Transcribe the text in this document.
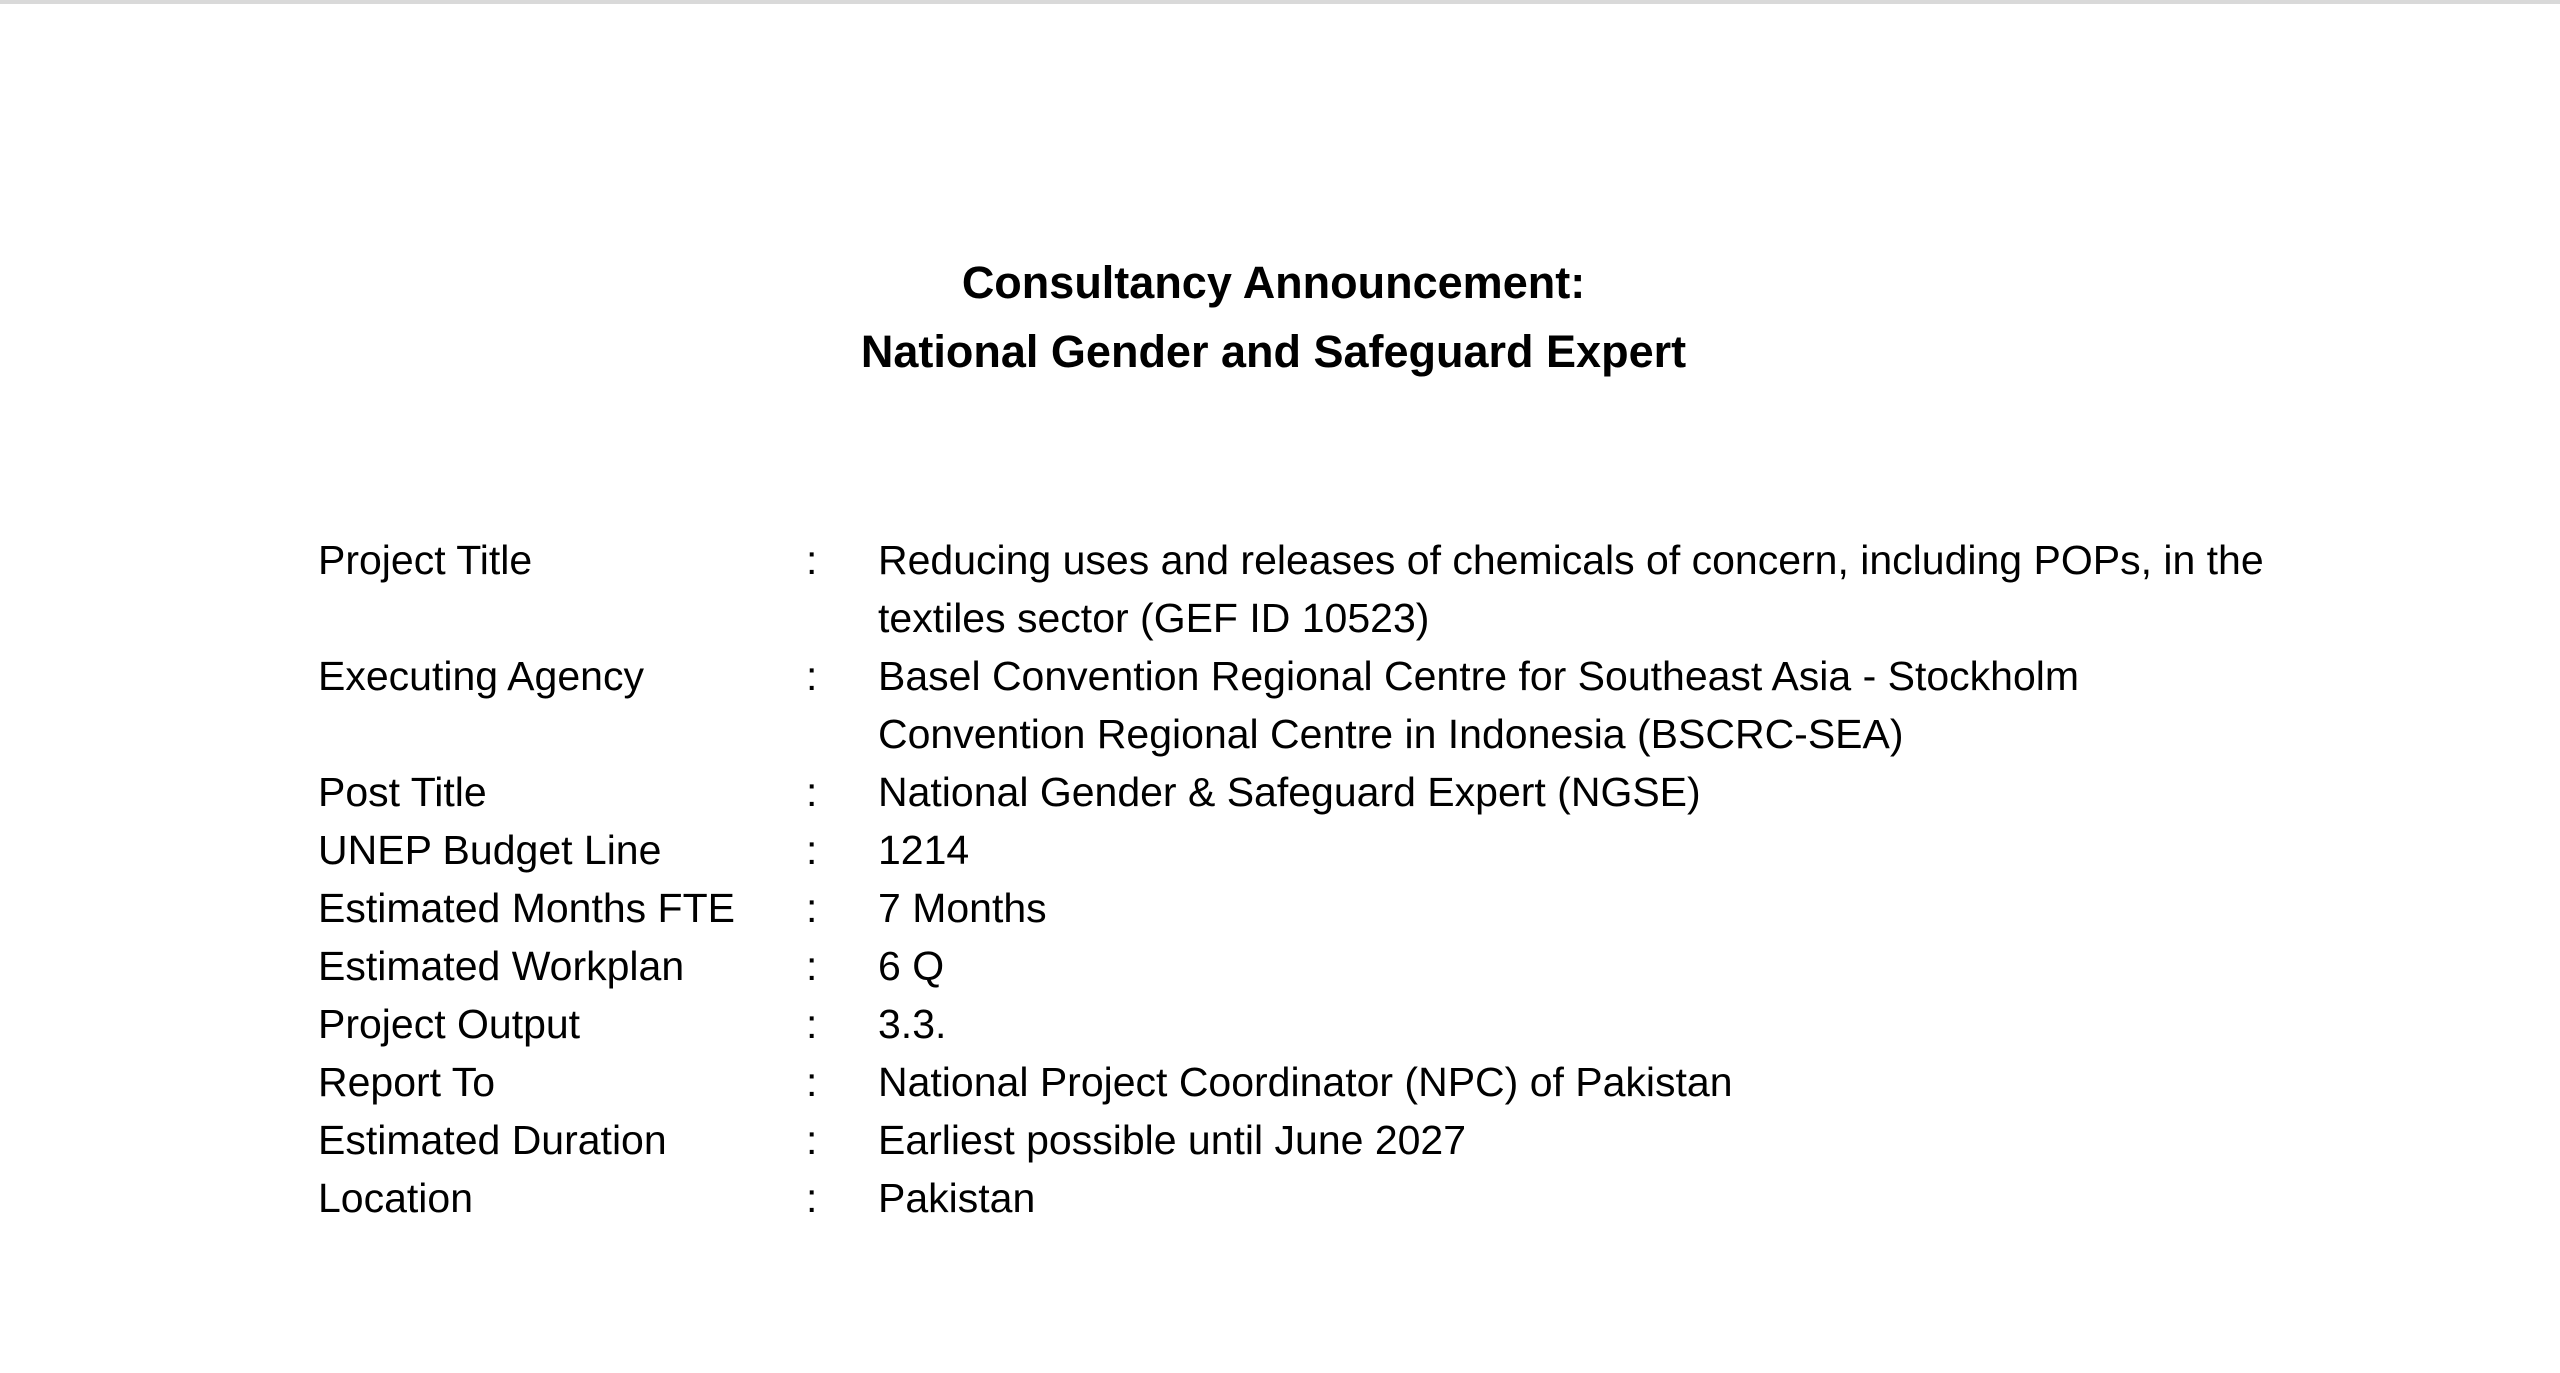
Consultancy Announcement:
National Gender and Safeguard Expert
Project Title	:	Reducing uses and releases of chemicals of concern, including POPs, in the
textiles sector (GEF ID 10523)
Executing Agency	:	Basel Convention Regional Centre for Southeast Asia - Stockholm
Convention Regional Centre in Indonesia (BSCRC-SEA)
Post Title	:	National Gender & Safeguard Expert (NGSE)
UNEP Budget Line	:	1214
Estimated Months FTE	:	7 Months
Estimated Workplan	:	6 Q
Project Output	:	3.3.
Report To	:	National Project Coordinator (NPC) of Pakistan
Estimated Duration	:	Earliest possible until June 2027
Location	:	Pakistan
